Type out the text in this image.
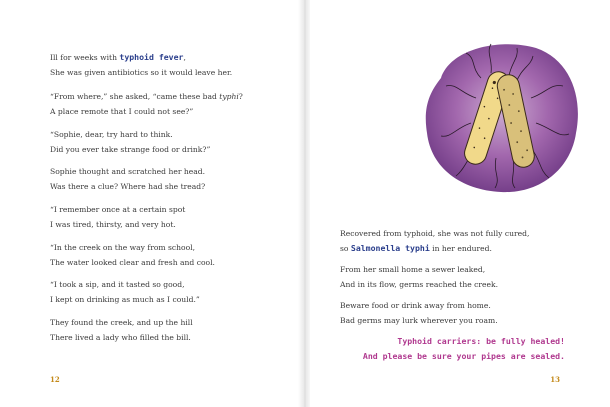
Ill for weeks with typhoid fever,
She was given antibiotics so it would leave her.
“From where,” she asked, “came these bad typhi?
A place remote that I could not see?”
“Sophie, dear, try hard to think.
Did you ever take strange food or drink?”
Sophie thought and scratched her head.
Was there a clue? Where had she tread?
“I remember once at a certain spot
I was tired, thirsty, and very hot.
“In the creek on the way from school,
The water looked clear and fresh and cool.
“I took a sip, and it tasted so good,
I kept on drinking as much as I could.”
They found the creek, and up the hill
There lived a lady who filled the bill.
12
Recovered from typhoid, she was not fully cured,
so Salmonella typhi in her endured.
From her small home a sewer leaked,
And in its flow, germs reached the creek.
Beware food or drink away from home.
Bad germs may lurk wherever you roam.
Typhoid carriers: be fully healed!
And please be sure your pipes are sealed.
13
